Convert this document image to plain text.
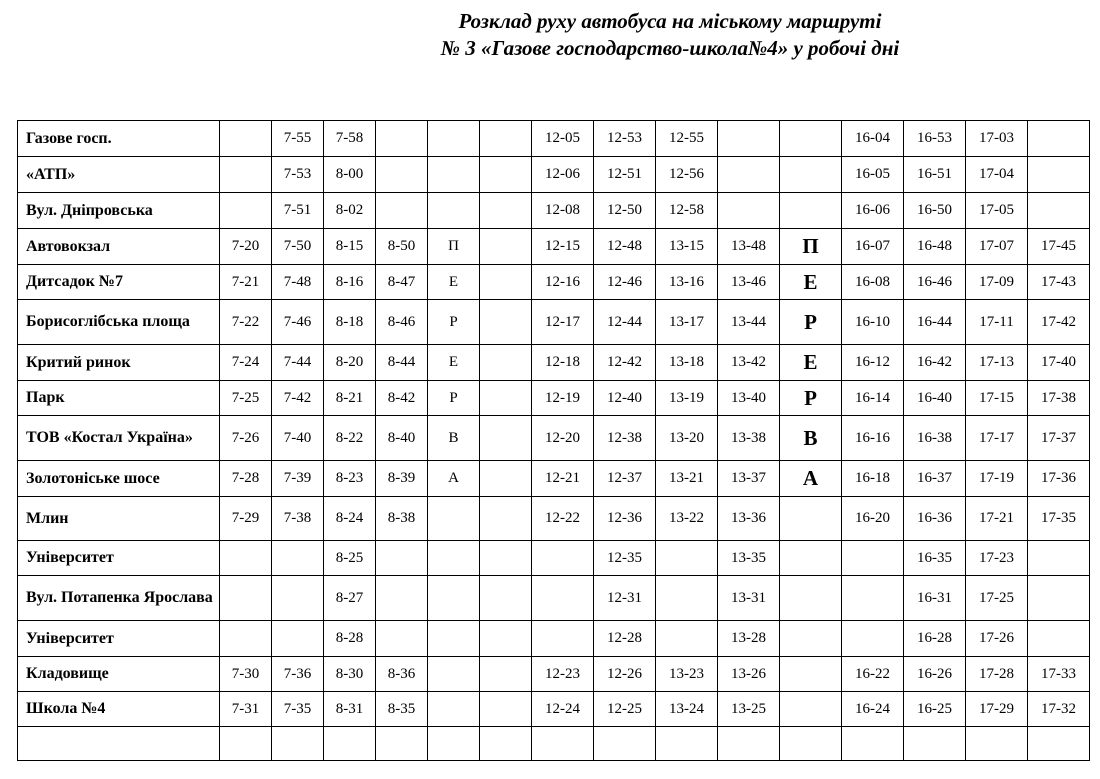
Розклад руху автобуса на міському маршруті
№ 3 «Газове господарство-школа№4» у робочі дні
Газове госп.		7-55	7-58				12-05	12-53	12-55			16-04	16-53	17-03	
«АТП»		7-53	8-00				12-06	12-51	12-56			16-05	16-51	17-04	
Вул. Дніпровська		7-51	8-02				12-08	12-50	12-58			16-06	16-50	17-05	
Автовокзал	7-20	7-50	8-15	8-50	П		12-15	12-48	13-15	13-48	П	16-07	16-48	17-07	17-45
Дитсадок №7	7-21	7-48	8-16	8-47	Е		12-16	12-46	13-16	13-46	Е	16-08	16-46	17-09	17-43
Борисоглібська площа	7-22	7-46	8-18	8-46	Р		12-17	12-44	13-17	13-44	Р	16-10	16-44	17-11	17-42
Критий ринок	7-24	7-44	8-20	8-44	Е		12-18	12-42	13-18	13-42	Е	16-12	16-42	17-13	17-40
Парк	7-25	7-42	8-21	8-42	Р		12-19	12-40	13-19	13-40	Р	16-14	16-40	17-15	17-38
ТОВ «Костал Україна»	7-26	7-40	8-22	8-40	В		12-20	12-38	13-20	13-38	В	16-16	16-38	17-17	17-37
Золотоніське шосе	7-28	7-39	8-23	8-39	А		12-21	12-37	13-21	13-37	А	16-18	16-37	17-19	17-36
Млин	7-29	7-38	8-24	8-38			12-22	12-36	13-22	13-36		16-20	16-36	17-21	17-35
Університет			8-25					12-35		13-35			16-35	17-23	
Вул. Потапенка Ярослава			8-27					12-31		13-31			16-31	17-25	
Університет			8-28					12-28		13-28			16-28	17-26	
Кладовище	7-30	7-36	8-30	8-36			12-23	12-26	13-23	13-26		16-22	16-26	17-28	17-33
Школа №4	7-31	7-35	8-31	8-35			12-24	12-25	13-24	13-25		16-24	16-25	17-29	17-32
